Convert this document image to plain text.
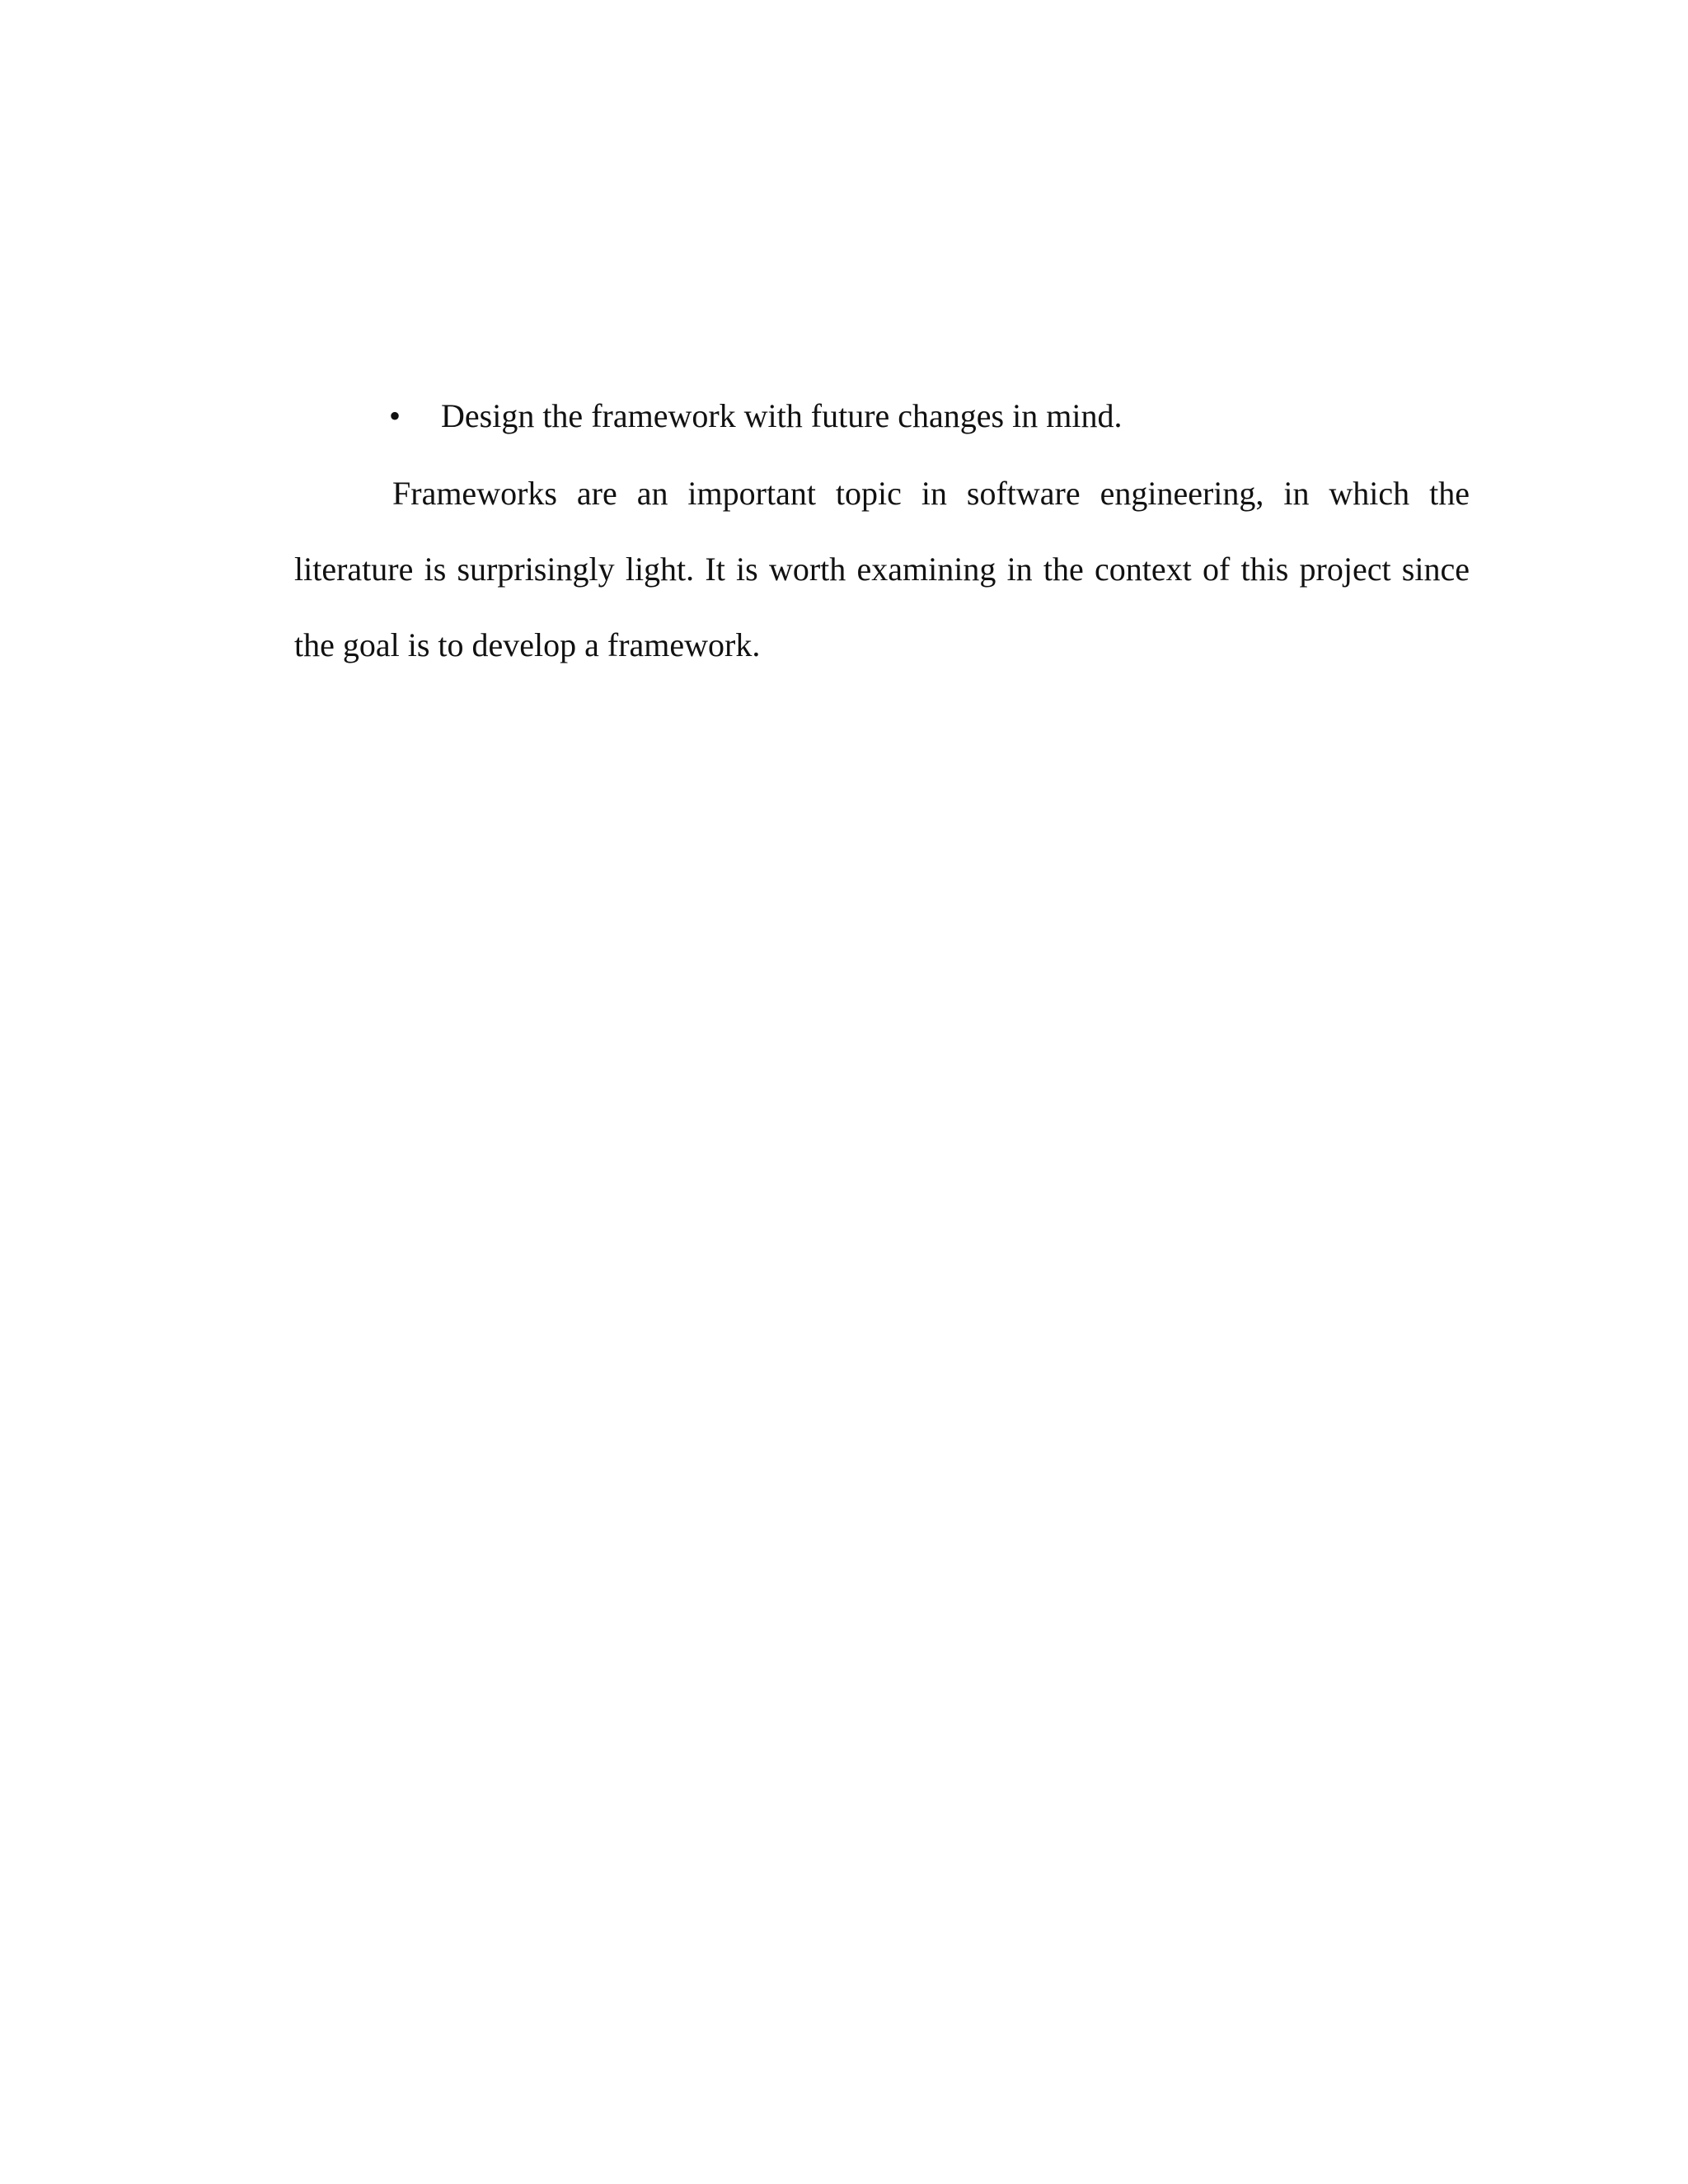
• Design the framework with future changes in mind.

Frameworks are an important topic in software engineering, in which the literature is surprisingly light. It is worth examining in the context of this project since the goal is to develop a framework.
